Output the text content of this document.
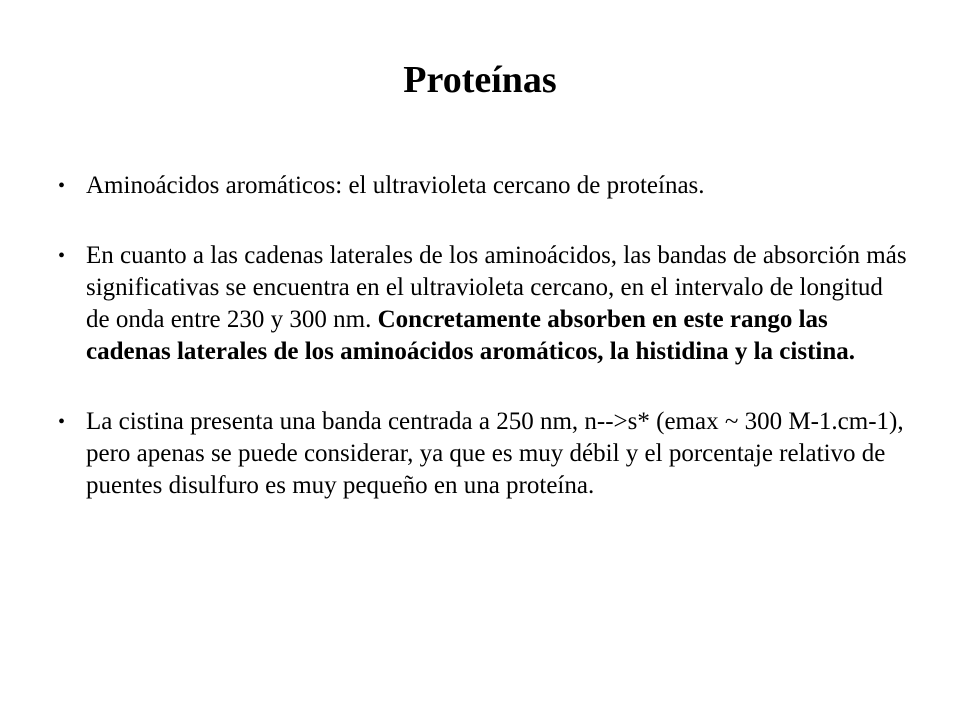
Proteínas
• Aminoácidos aromáticos: el ultravioleta cercano de proteínas.
• En cuanto a las cadenas laterales de los aminoácidos, las bandas de absorción más significativas se encuentra en el ultravioleta cercano, en el intervalo de longitud de onda entre 230 y 300 nm. Concretamente absorben en este rango las cadenas laterales de los aminoácidos aromáticos, la histidina y la cistina.
• La cistina presenta una banda centrada a 250 nm, n-->s* (emax ~ 300 M-1.cm-1), pero apenas se puede considerar, ya que es muy débil y el porcentaje relativo de puentes disulfuro es muy pequeño en una proteína.
